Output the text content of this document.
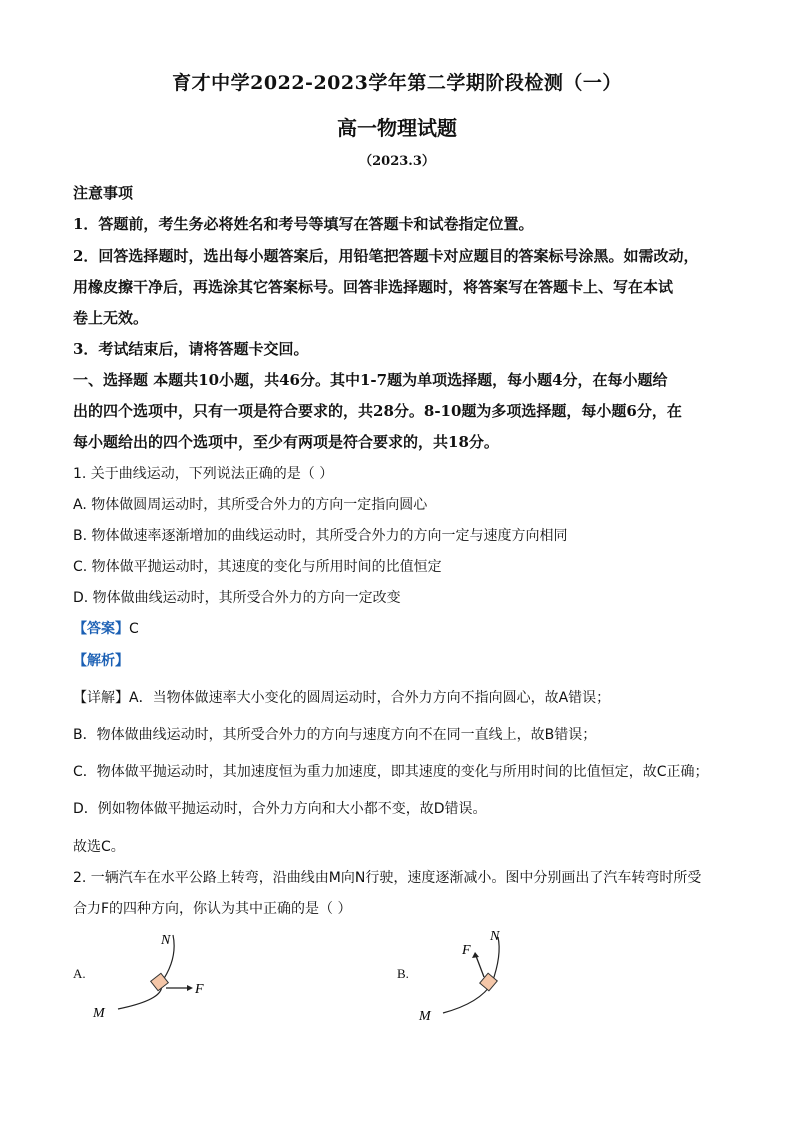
育才中学2022-2023学年第二学期阶段检测（一）
高一物理试题
（2023.3）
注意事项
1．答题前，考生务必将姓名和考号等填写在答题卡和试卷指定位置。
2．回答选择题时，选出每小题答案后，用铅笔把答题卡对应题目的答案标号涂黑。如需改动，
用橡皮擦干净后，再选涂其它答案标号。回答非选择题时，将答案写在答题卡上、写在本试
卷上无效。
3．考试结束后，请将答题卡交回。
一、选择题 本题共10小题，共46分。其中1-7题为单项选择题，每小题4分，在每小题给
出的四个选项中，只有一项是符合要求的，共28分。8-10题为多项选择题，每小题6分，在
每小题给出的四个选项中，至少有两项是符合要求的，共18分。
1. 关于曲线运动，下列说法正确的是（ ）
A. 物体做圆周运动时，其所受合外力的方向一定指向圆心
B. 物体做速率逐渐增加的曲线运动时，其所受合外力的方向一定与速度方向相同
C. 物体做平抛运动时，其速度的变化与所用时间的比值恒定
D. 物体做曲线运动时，其所受合外力的方向一定改变
【答案】C
【解析】
【详解】A．当物体做速率大小变化的圆周运动时，合外力方向不指向圆心，故A错误；
B．物体做曲线运动时，其所受合外力的方向与速度方向不在同一直线上，故B错误；
C．物体做平抛运动时，其加速度恒为重力加速度，即其速度的变化与所用时间的比值恒定，故C正确；
D．例如物体做平抛运动时，合外力方向和大小都不变，故D错误。
故选C。
2. 一辆汽车在水平公路上转弯，沿曲线由M向N行驶，速度逐渐减小。图中分别画出了汽车转弯时所受
合力F的四种方向，你认为其中正确的是（ ）
A.
N
M
F
B.
N
M
F
